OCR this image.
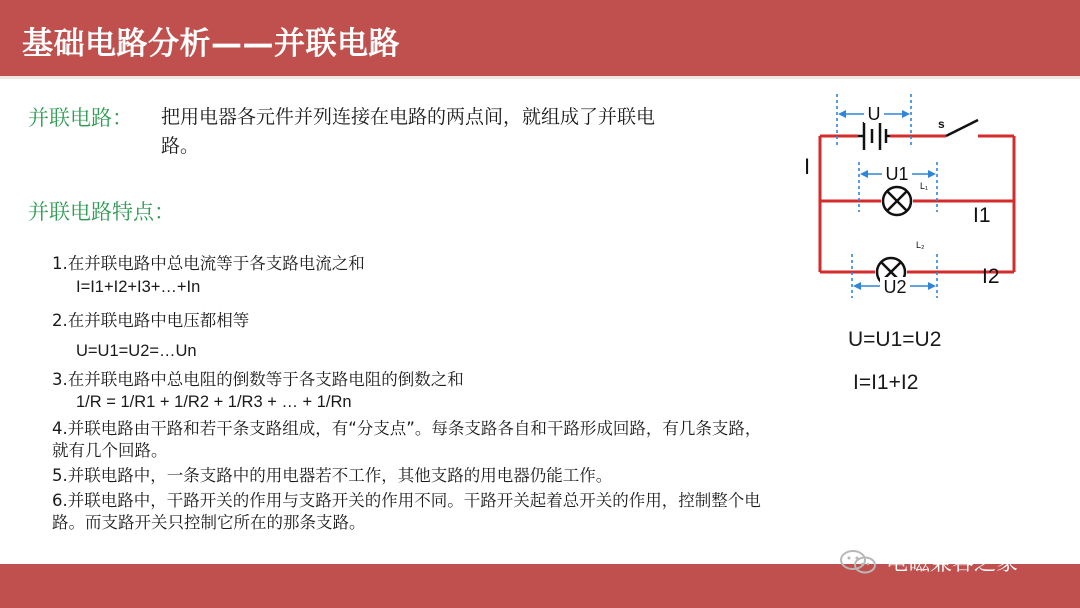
基础电路分析——并联电路
并联电路： 把用电器各元件并列连接在电路的两点间，就组成了并联电路。
并联电路特点：
1.在并联电路中总电流等于各支路电流之和
I=I1+I2+I3+…+In
2.在并联电路中电压都相等
U=U1=U2=…Un
3.在并联电路中总电阻的倒数等于各支路电阻的倒数之和
1/R = 1/R1 + 1/R2 + 1/R3 + … + 1/Rn
4.并联电路由干路和若干条支路组成，有“分支点”。每条支路各自和干路形成回路，有几条支路，就有几个回路。
5.并联电路中，一条支路中的用电器若不工作，其他支路的用电器仍能工作。
6.并联电路中，干路开关的作用与支路开关的作用不同。干路开关起着总开关的作用，控制整个电路。而支路开关只控制它所在的那条支路。
U	s
I	U1
L₁
I1
L₂
I2
U2
U=U1=U2
I=I1+I2
电磁兼容之家
